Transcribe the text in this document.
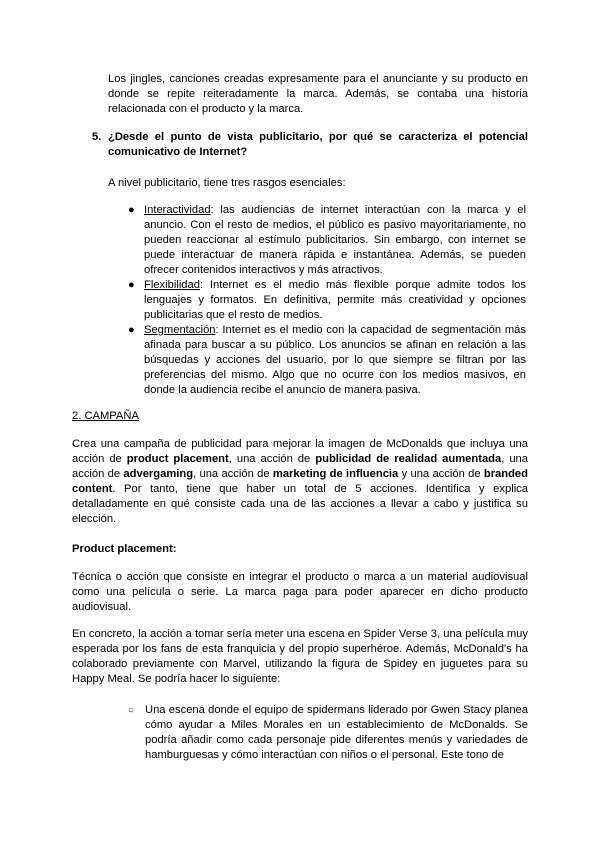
Los jingles, canciones creadas expresamente para el anunciante y su producto en donde se repite reiteradamente la marca. Además, se contaba una historia relacionada con el producto y la marca.

5. ¿Desde el punto de vista publicitario, por qué se caracteriza el potencial comunicativo de Internet?

A nivel publicitario, tiene tres rasgos esenciales:

● Interactividad: las audiencias de internet interactúan con la marca y el anuncio. Con el resto de medios, el público es pasivo mayoritariamente, no pueden reaccionar al estímulo publicitarios. Sin embargo, con internet se puede interactuar de manera rápida e instantánea. Además, se pueden ofrecer contenidos interactivos y más atractivos.
● Flexibilidad: Internet es el medio más flexible porque admite todos los lenguajes y formatos. En definitiva, permite más creatividad y opciones publicitarias que el resto de medios.
● Segmentación: Internet es el medio con la capacidad de segmentación más afinada para buscar a su público. Los anuncios se afinan en relación a las búsquedas y acciones del usuario, por lo que siempre se filtran por las preferencias del mismo. Algo que no ocurre con los medios masivos, en donde la audiencia recibe el anuncio de manera pasiva.
2. CAMPAÑA

Crea una campaña de publicidad para mejorar la imagen de McDonalds que incluya una acción de product placement, una acción de publicidad de realidad aumentada, una acción de advergaming, una acción de marketing de influencia y una acción de branded content. Por tanto, tiene que haber un total de 5 acciones. Identifica y explica detalladamente en qué consiste cada una de las acciones a llevar a cabo y justifica su elección.

Product placement:

Técnica o acción que consiste en integrar el producto o marca a un material audiovisual como una película o serie. La marca paga para poder aparecer en dicho producto audiovisual.

En concreto, la acción a tomar sería meter una escena en Spider Verse 3, una película muy esperada por los fans de esta franquicia y del propio superhéroe. Además, McDonald's ha colaborado previamente con Marvel, utilizando la figura de Spidey en juguetes para su Happy Meal. Se podría hacer lo siguiente:

○ Una escena donde el equipo de spidermans liderado por Gwen Stacy planea cómo ayudar a Miles Morales en un establecimiento de McDonalds. Se podría añadir como cada personaje pide diferentes menús y variedades de hamburguesas y cómo interactúan con niños o el personal. Este tono de
